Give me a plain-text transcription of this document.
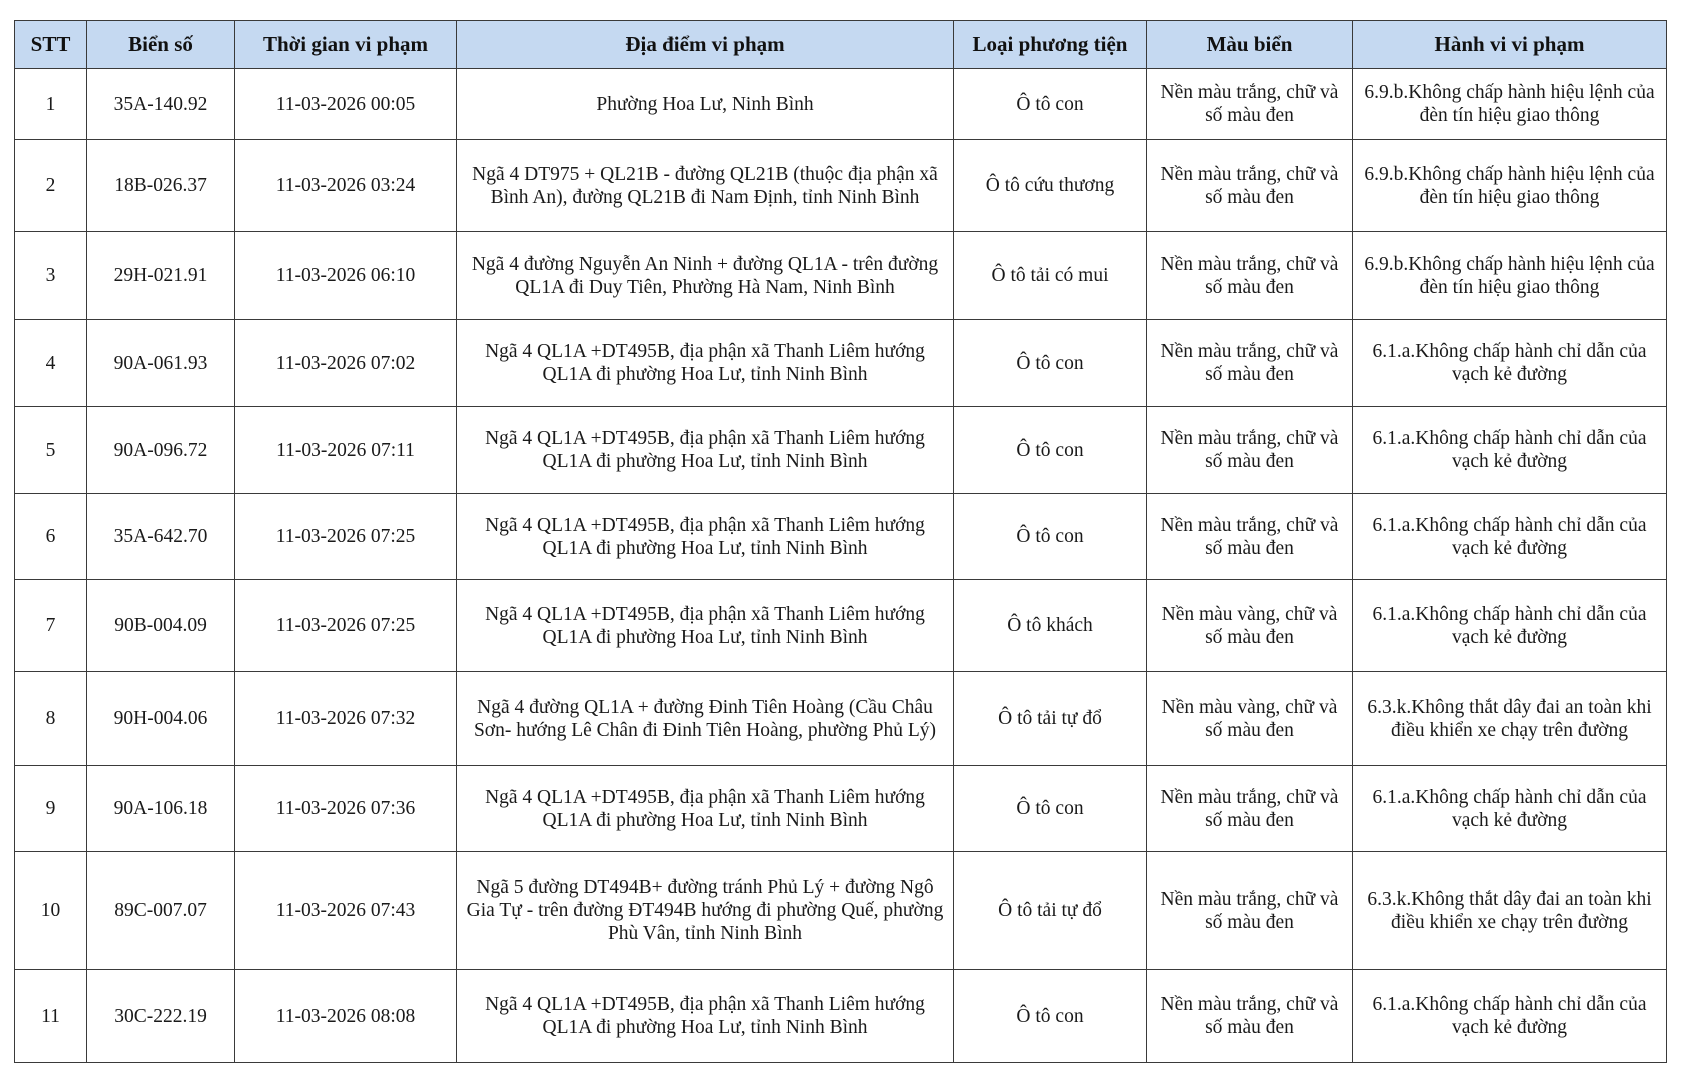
STT	Biển số	Thời gian vi phạm	Địa điểm vi phạm	Loại phương tiện	Màu biển	Hành vi vi phạm
1	35A-140.92	11-03-2026 00:05	Phường Hoa Lư, Ninh Bình	Ô tô con	Nền màu trắng, chữ và số màu đen	6.9.b.Không chấp hành hiệu lệnh của đèn tín hiệu giao thông
2	18B-026.37	11-03-2026 03:24	Ngã 4 DT975 + QL21B - đường QL21B (thuộc địa phận xã Bình An), đường QL21B đi Nam Định, tỉnh Ninh Bình	Ô tô cứu thương	Nền màu trắng, chữ và số màu đen	6.9.b.Không chấp hành hiệu lệnh của đèn tín hiệu giao thông
3	29H-021.91	11-03-2026 06:10	Ngã 4 đường Nguyễn An Ninh + đường QL1A - trên đường QL1A đi Duy Tiên, Phường Hà Nam, Ninh Bình	Ô tô tải có mui	Nền màu trắng, chữ và số màu đen	6.9.b.Không chấp hành hiệu lệnh của đèn tín hiệu giao thông
4	90A-061.93	11-03-2026 07:02	Ngã 4 QL1A +DT495B, địa phận xã Thanh Liêm hướng QL1A đi phường Hoa Lư, tỉnh Ninh Bình	Ô tô con	Nền màu trắng, chữ và số màu đen	6.1.a.Không chấp hành chỉ dẫn của vạch kẻ đường
5	90A-096.72	11-03-2026 07:11	Ngã 4 QL1A +DT495B, địa phận xã Thanh Liêm hướng QL1A đi phường Hoa Lư, tỉnh Ninh Bình	Ô tô con	Nền màu trắng, chữ và số màu đen	6.1.a.Không chấp hành chỉ dẫn của vạch kẻ đường
6	35A-642.70	11-03-2026 07:25	Ngã 4 QL1A +DT495B, địa phận xã Thanh Liêm hướng QL1A đi phường Hoa Lư, tỉnh Ninh Bình	Ô tô con	Nền màu trắng, chữ và số màu đen	6.1.a.Không chấp hành chỉ dẫn của vạch kẻ đường
7	90B-004.09	11-03-2026 07:25	Ngã 4 QL1A +DT495B, địa phận xã Thanh Liêm hướng QL1A đi phường Hoa Lư, tỉnh Ninh Bình	Ô tô khách	Nền màu vàng, chữ và số màu đen	6.1.a.Không chấp hành chỉ dẫn của vạch kẻ đường
8	90H-004.06	11-03-2026 07:32	Ngã 4 đường QL1A + đường Đinh Tiên Hoàng (Cầu Châu Sơn- hướng Lê Chân đi Đinh Tiên Hoàng, phường Phủ Lý)	Ô tô tải tự đổ	Nền màu vàng, chữ và số màu đen	6.3.k.Không thắt dây đai an toàn khi điều khiển xe chạy trên đường
9	90A-106.18	11-03-2026 07:36	Ngã 4 QL1A +DT495B, địa phận xã Thanh Liêm hướng QL1A đi phường Hoa Lư, tỉnh Ninh Bình	Ô tô con	Nền màu trắng, chữ và số màu đen	6.1.a.Không chấp hành chỉ dẫn của vạch kẻ đường
10	89C-007.07	11-03-2026 07:43	Ngã 5 đường DT494B+ đường tránh Phủ Lý + đường Ngô Gia Tự - trên đường ĐT494B hướng đi phường Quế, phường Phù Vân, tỉnh Ninh Bình	Ô tô tải tự đổ	Nền màu trắng, chữ và số màu đen	6.3.k.Không thắt dây đai an toàn khi điều khiển xe chạy trên đường
11	30C-222.19	11-03-2026 08:08	Ngã 4 QL1A +DT495B, địa phận xã Thanh Liêm hướng QL1A đi phường Hoa Lư, tỉnh Ninh Bình	Ô tô con	Nền màu trắng, chữ và số màu đen	6.1.a.Không chấp hành chỉ dẫn của vạch kẻ đường
